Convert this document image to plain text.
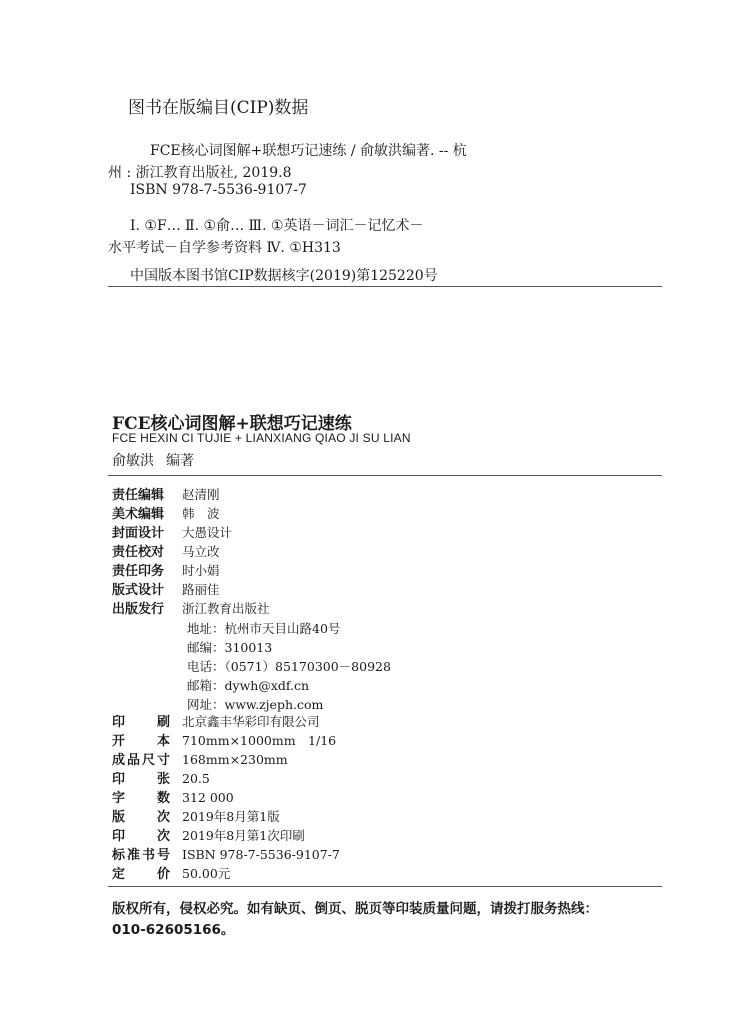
图书在版编目(CIP)数据
FCE核心词图解+联想巧记速练 / 俞敏洪编著. -- 杭
州 : 浙江教育出版社, 2019.8
ISBN 978-7-5536-9107-7
Ⅰ. ①F… Ⅱ. ①俞… Ⅲ. ①英语－词汇－记忆术－
水平考试－自学参考资料 Ⅳ. ①H313
中国版本图书馆CIP数据核字(2019)第125220号
FCE核心词图解+联想巧记速练
FCE HEXIN CI TUJIE + LIANXIANG QIAO JI SU LIAN
俞敏洪 编著
责任编辑 赵清刚
美术编辑 韩　波
封面设计 大愚设计
责任校对 马立改
责任印务 时小娟
版式设计 路丽佳
出版发行 浙江教育出版社
地址：杭州市天目山路40号
邮编：310013
电话：（0571）85170300－80928
邮箱：dywh@xdf.cn
网址：www.zjeph.com
印刷 北京鑫丰华彩印有限公司
开本 710mm×1000mm　1/16
成品尺寸 168mm×230mm
印张 20.5
字数 312 000
版次 2019年8月第1版
印次 2019年8月第1次印刷
标准书号 ISBN 978-7-5536-9107-7
定价 50.00元
版权所有，侵权必究。如有缺页、倒页、脱页等印装质量问题，请拨打服务热线：
010-62605166。
